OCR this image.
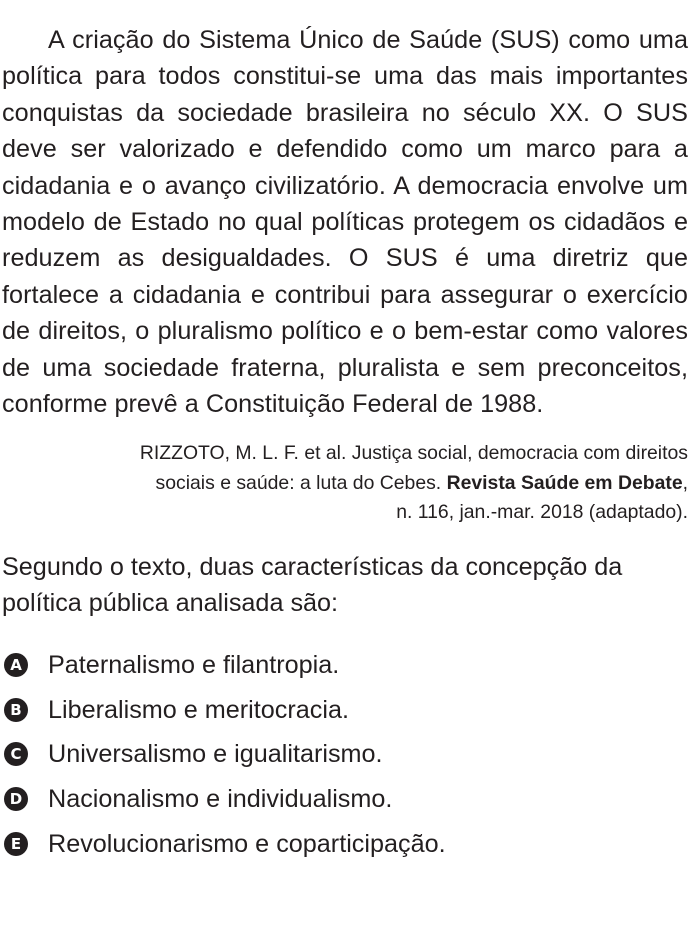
A criação do Sistema Único de Saúde (SUS) como uma política para todos constitui-se uma das mais importantes conquistas da sociedade brasileira no século XX. O SUS deve ser valorizado e defendido como um marco para a cidadania e o avanço civilizatório. A democracia envolve um modelo de Estado no qual políticas protegem os cidadãos e reduzem as desigualdades. O SUS é uma diretriz que fortalece a cidadania e contribui para assegurar o exercício de direitos, o pluralismo político e o bem-estar como valores de uma sociedade fraterna, pluralista e sem preconceitos, conforme prevê a Constituição Federal de 1988.

RIZZOTO, M. L. F. et al. Justiça social, democracia com direitos
sociais e saúde: a luta do Cebes. Revista Saúde em Debate,
n. 116, jan.-mar. 2018 (adaptado).

Segundo o texto, duas características da concepção da política pública analisada são:

A Paternalismo e filantropia.
B Liberalismo e meritocracia.
C Universalismo e igualitarismo.
D Nacionalismo e individualismo.
E Revolucionarismo e coparticipação.
